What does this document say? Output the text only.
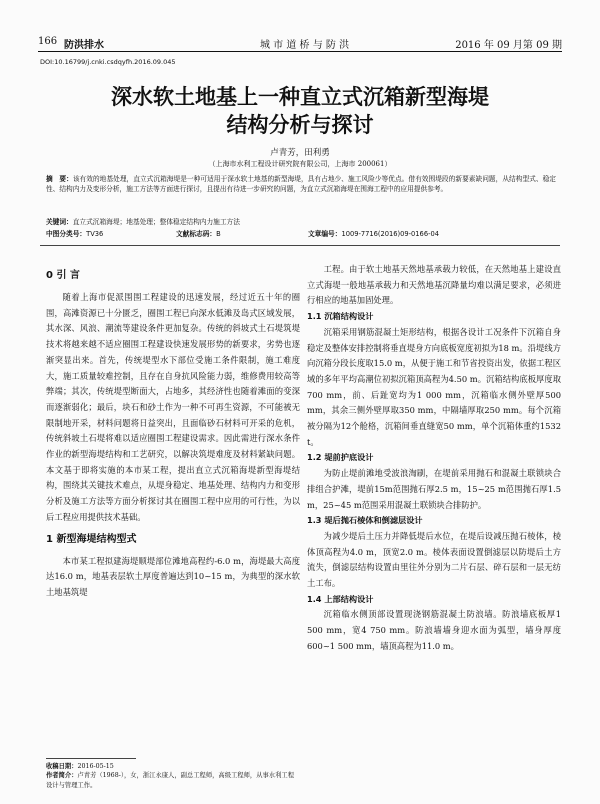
166 防洪排水	城 市 道 桥 与 防 洪	2016 年 09 月第 09 期
DOI:10.16799/j.cnki.csdqyfh.2016.09.045
深水软土地基上一种直立式沉箱新型海堤
结构分析与探讨
卢青芳，田利勇
（上海市水利工程设计研究院有限公司，上海市 200061）
摘　要：该有效的地基处理，直立式沉箱海堤是一种可适用于深水软土地基的新型海堤，具有占地少、施工风险少等优点。借有效围堤段的新要素缺问题，从结构型式、稳定性、结构内力及变形分析，施工方法等方面进行探讨，且提出有待进一步研究的问题，为直立式沉箱海堤在围海工程中的应用提供参考。
关键词：直立式沉箱海堤；地基处理；整体稳定结构内力施工方法
中图分类号：TV36	文献标志码：B	文章编号：1009-7716(2016)09-0166-04
0 引 言
随着上海市促派围围工程建设的迅速发展，经过近五十年的圈围，高滩资源已十分匮乏，圈围工程已向深水低滩及岛式区域发展，其水深、风浪、潮流等建设条件更加复杂。传统的斜坡式土石堤筑堤技术将越来越不适应圈围工程建设快速发展形势的新要求，劣势也逐渐突显出来。首先，传统堤型水下部位受施工条件限制，施工难度大，施工质量较难控制，且存在自身抗风险能力弱，维修费用较高等弊端；其次，传统堤型断面大，占地多，其经济性也随着滩面的变深而逐渐弱化；最后，块石和砂土作为一种不可再生资源，不可能被无限制地开采，材料问题将日益突出，且面临砂石材料可开采的危机，传统斜坡土石堤将难以适应圈围工程建设需求。因此需进行深水条件作业的新型海堤结构和工艺研究，以解决筑堤难度及材料紧缺问题。本文基于即将实施的本市某工程，提出直立式沉箱海堤新型海堤结构，围绕其关键技术难点，从堤身稳定、地基处理、结构内力和变形分析及施工方法等方面分析探讨其在圈围工程中应用的可行性，为以后工程应用提供技术基础。
1 新型海堤结构型式
本市某工程拟建海堤顺堤部位滩地高程约-6.0 m，海堤最大高度达16.0 m，地基表层软土厚度普遍达到10~15 m，为典型的深水软土地基筑堤
工程。由于软土地基天然地基承载力较低，在天然地基上建设直立式海堤一般地基承载力和天然地基沉降量均难以满足要求，必须进行相应的地基加固处理。
1.1 沉箱结构设计
沉箱采用钢筋混凝土矩形结构，根据各设计工况条件下沉箱自身稳定及整体安排控制将垂直堤身方向底板宽度初拟为18 m。沿堤线方向沉箱分段长度取15.0 m，从便于施工和节省投资出发，依据工程区域的多年平均高潮位初拟沉箱顶高程为4.50 m。沉箱结构底板厚度取700 mm，前、后趾宽均为1 000 mm，沉箱临水侧外壁厚500 mm，其余三侧外壁厚取350 mm，中隔墙厚取250 mm。每个沉箱被分隔为12个舱格，沉箱间垂直缝宽50 mm，单个沉箱体重约1532 t。
1.2 堤前护底设计
为防止堤前滩地受波浪淘刷，在堤前采用抛石和混凝土联锁块合排组合护滩，堤前15m范围抛石厚2.5 m，15~25 m范围抛石厚1.5 m，25~45 m范围采用混凝土联锁块合排防护。
1.3 堤后抛石棱体和倒滤层设计
为减少堤后土压力并降低堤后水位，在堤后设减压抛石棱体，棱体顶高程为4.0 m，顶宽2.0 m。棱体表面设置倒滤层以防堤后土方流失，倒滤层结构设置由里往外分别为二片石层、碎石层和一层无纺土工布。
1.4 上部结构设计
沉箱临水侧顶部设置现浇钢筋混凝土防浪墙。防浪墙底板厚1 500 mm，宽4 750 mm。防浪墙墙身迎水面为弧型，墙身厚度600~1 500 mm，墙顶高程为11.0 m。
收稿日期：2016-05-15
作者简介：卢青芳（1968-），女，浙江永康人，副总工程师，高级工程师，从事水利工程设计与管理工作。
